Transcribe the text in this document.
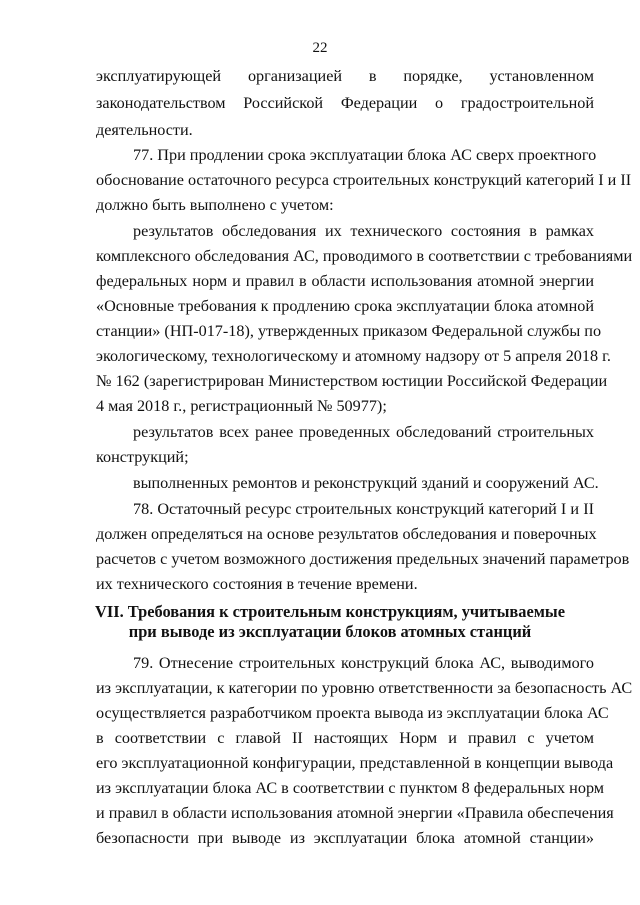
22
эксплуатирующей организацией в порядке, установленном
законодательством Российской Федерации о градостроительной
деятельности.
77. При продлении срока эксплуатации блока АС сверх проектного
обоснование остаточного ресурса строительных конструкций категорий I и II
должно быть выполнено с учетом:
результатов обследования их технического состояния в рамках
комплексного обследования АС, проводимого в соответствии с требованиями
федеральных норм и правил в области использования атомной энергии
«Основные требования к продлению срока эксплуатации блока атомной
станции» (НП-017-18), утвержденных приказом Федеральной службы по
экологическому, технологическому и атомному надзору от 5 апреля 2018 г.
№ 162 (зарегистрирован Министерством юстиции Российской Федерации
4 мая 2018 г., регистрационный № 50977);
результатов всех ранее проведенных обследований строительных
конструкций;
выполненных ремонтов и реконструкций зданий и сооружений АС.
78. Остаточный ресурс строительных конструкций категорий I и II
должен определяться на основе результатов обследования и поверочных
расчетов с учетом возможного достижения предельных значений параметров
их технического состояния в течение времени.
VII. Требования к строительным конструкциям, учитываемые
при выводе из эксплуатации блоков атомных станций
79. Отнесение строительных конструкций блока АС, выводимого
из эксплуатации, к категории по уровню ответственности за безопасность АС
осуществляется разработчиком проекта вывода из эксплуатации блока АС
в соответствии с главой II настоящих Норм и правил с учетом
его эксплуатационной конфигурации, представленной в концепции вывода
из эксплуатации блока АС в соответствии с пунктом 8 федеральных норм
и правил в области использования атомной энергии «Правила обеспечения
безопасности при выводе из эксплуатации блока атомной станции»
